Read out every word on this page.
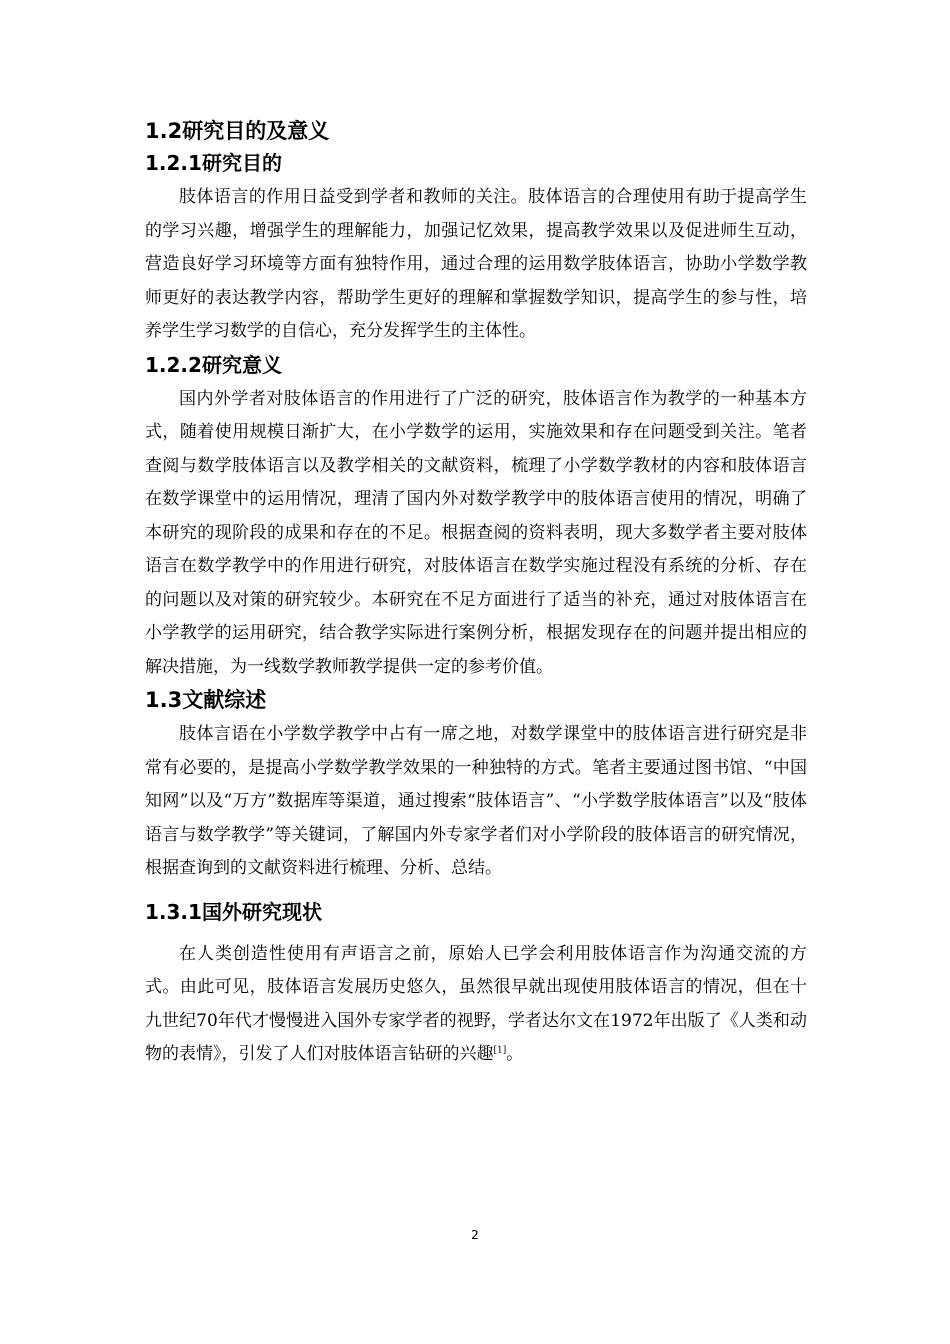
1.2研究目的及意义
1.2.1研究目的

肢体语言的作用日益受到学者和教师的关注。肢体语言的合理使用有助于提高学生的学习兴趣，增强学生的理解能力，加强记忆效果，提高教学效果以及促进师生互动，营造良好学习环境等方面有独特作用，通过合理的运用数学肢体语言，协助小学数学教师更好的表达教学内容，帮助学生更好的理解和掌握数学知识，提高学生的参与性，培养学生学习数学的自信心，充分发挥学生的主体性。

1.2.2研究意义

国内外学者对肢体语言的作用进行了广泛的研究，肢体语言作为教学的一种基本方式，随着使用规模日渐扩大，在小学数学的运用，实施效果和存在问题受到关注。笔者查阅与数学肢体语言以及教学相关的文献资料，梳理了小学数学教材的内容和肢体语言在数学课堂中的运用情况，理清了国内外对数学教学中的肢体语言使用的情况，明确了本研究的现阶段的成果和存在的不足。根据查阅的资料表明，现大多数学者主要对肢体语言在数学教学中的作用进行研究，对肢体语言在数学实施过程没有系统的分析、存在的问题以及对策的研究较少。本研究在不足方面进行了适当的补充，通过对肢体语言在小学教学的运用研究，结合教学实际进行案例分析，根据发现存在的问题并提出相应的解决措施，为一线数学教师教学提供一定的参考价值。

1.3文献综述

肢体言语在小学数学教学中占有一席之地，对数学课堂中的肢体语言进行研究是非常有必要的，是提高小学数学教学效果的一种独特的方式。笔者主要通过图书馆、“中国知网”以及“万方”数据库等渠道，通过搜索“肢体语言”、“小学数学肢体语言”以及“肢体语言与数学教学”等关键词，了解国内外专家学者们对小学阶段的肢体语言的研究情况，根据查询到的文献资料进行梳理、分析、总结。

1.3.1国外研究现状

在人类创造性使用有声语言之前，原始人已学会利用肢体语言作为沟通交流的方式。由此可见，肢体语言发展历史悠久，虽然很早就出现使用肢体语言的情况，但在十九世纪70年代才慢慢进入国外专家学者的视野，学者达尔文在1972年出版了《人类和动物的表情》，引发了人们对肢体语言钻研的兴趣[1]。

2
